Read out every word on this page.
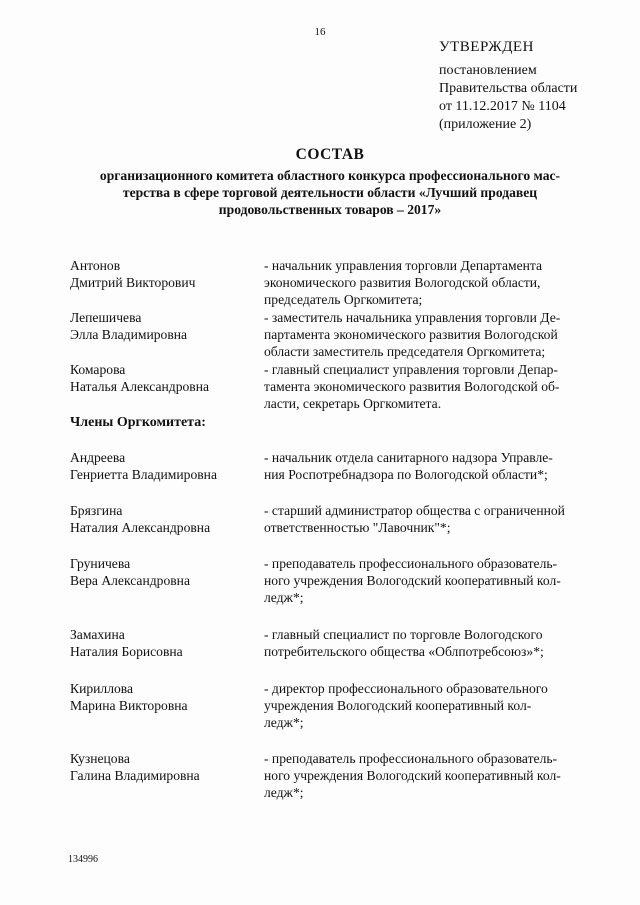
16
УТВЕРЖДЕН
постановлением
Правительства области
от 11.12.2017 № 1104
(приложение 2)
СОСТАВ
организационного комитета областного конкурса профессионального мас-
терства в сфере торговой деятельности области «Лучший продавец
продовольственных товаров – 2017»
Антонов
Дмитрий Викторович
- начальник управления торговли Департамента
экономического развития Вологодской области,
председатель Оргкомитета;
Лепешичева
Элла Владимировна
- заместитель начальника управления торговли Де-
партамента экономического развития Вологодской
области заместитель председателя Оргкомитета;
Комарова
Наталья Александровна
- главный специалист управления торговли Депар-
тамента экономического развития Вологодской об-
ласти, секретарь Оргкомитета.
Члены Оргкомитета:
Андреева
Генриетта Владимировна
- начальник отдела санитарного надзора Управле-
ния Роспотребнадзора по Вологодской области*;
Брязгина
Наталия Александровна
- старший администратор общества с ограниченной
ответственностью "Лавочник"*;
Груничева
Вера Александровна
- преподаватель профессионального образователь-
ного учреждения Вологодский кооперативный кол-
ледж*;
Замахина
Наталия Борисовна
- главный специалист по торговле Вологодского
потребительского общества «Облпотребсоюз»*;
Кириллова
Марина Викторовна
- директор профессионального образовательного
учреждения Вологодский кооперативный кол-
ледж*;
Кузнецова
Галина Владимировна
- преподаватель профессионального образователь-
ного учреждения Вологодский кооперативный кол-
ледж*;
134996
